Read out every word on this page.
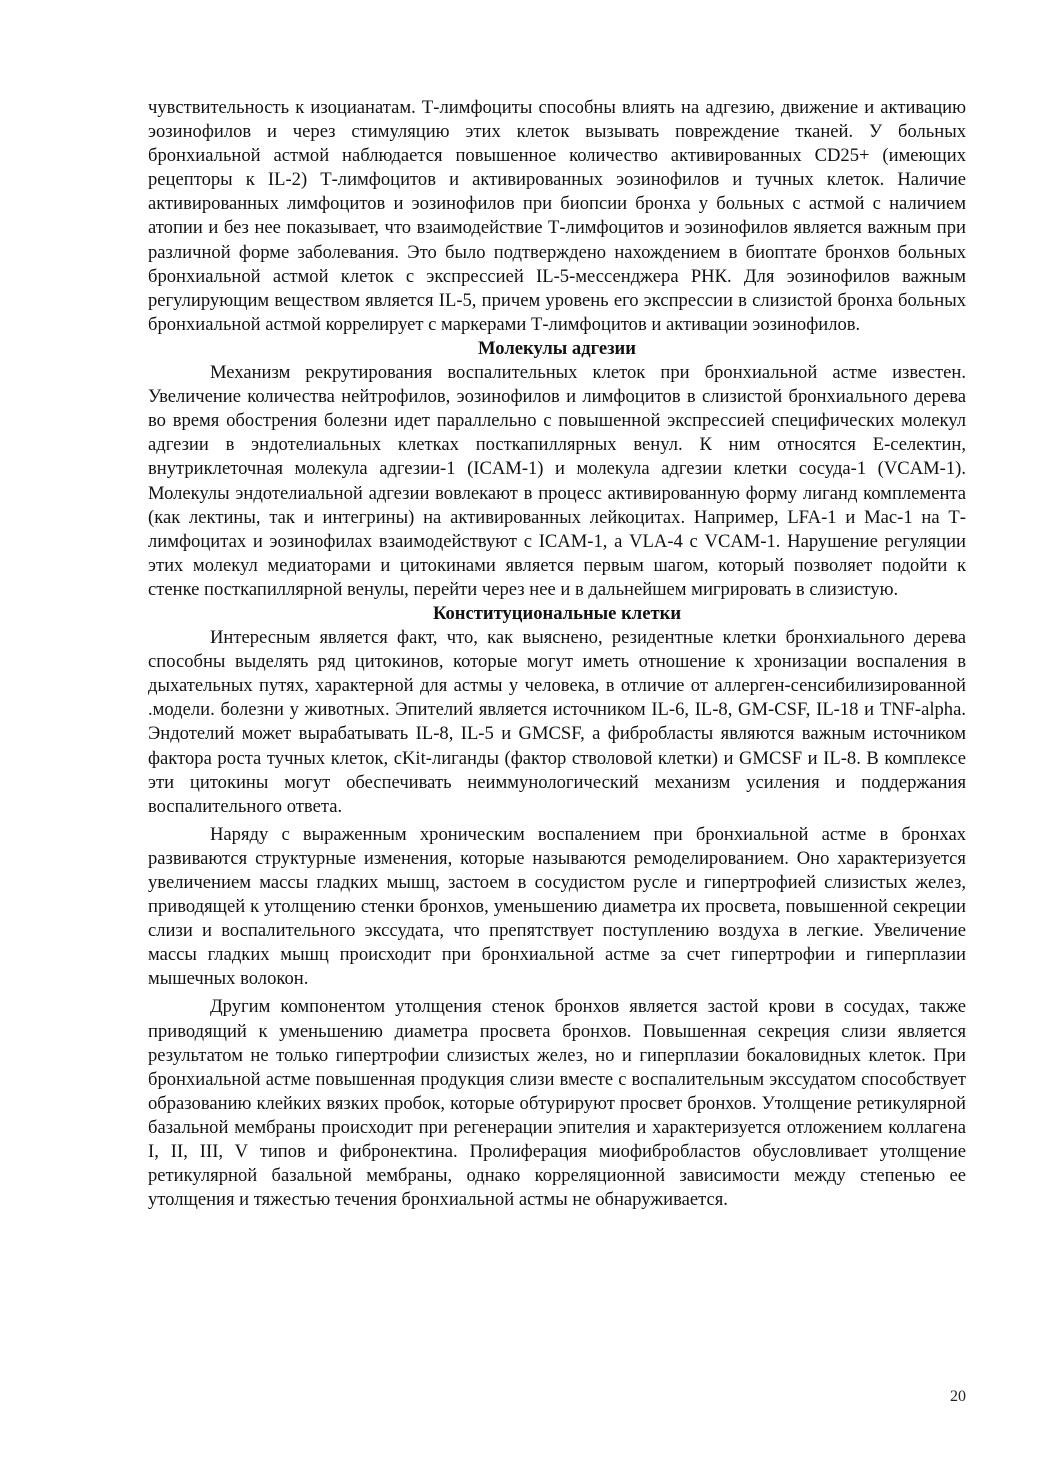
чувствительность к изоцианатам. Т-лимфоциты способны влиять на адгезию, движение и активацию эозинофилов и через стимуляцию этих клеток вызывать повреждение тканей. У больных бронхиальной астмой наблюдается повышенное количество активированных CD25+ (имеющих рецепторы к IL-2) Т-лимфоцитов и активированных эозинофилов и тучных клеток. Наличие активированных лимфоцитов и эозинофилов при биопсии бронха у больных с астмой с наличием атопии и без нее показывает, что взаимодействие Т-лимфоцитов и эозинофилов является важным при различной форме заболевания. Это было подтверждено нахождением в биоптате бронхов больных бронхиальной астмой клеток с экспрессией IL-5-мессенджера РНК. Для эозинофилов важным регулирующим веществом является IL-5, причем уровень его экспрессии в слизистой бронха больных бронхиальной астмой коррелирует с маркерами Т-лимфоцитов и активации эозинофилов.

Молекулы адгезии

Механизм рекрутирования воспалительных клеток при бронхиальной астме известен. Увеличение количества нейтрофилов, эозинофилов и лимфоцитов в слизистой бронхиального дерева во время обострения болезни идет параллельно с повышенной экспрессией специфических молекул адгезии в эндотелиальных клетках посткапиллярных венул. К ним относятся Е-селектин, внутриклеточная молекула адгезии-1 (ICAM-1) и молекула адгезии клетки сосуда-1 (VCAM-1). Молекулы эндотелиальной адгезии вовлекают в процесс активированную форму лиганд комплемента (как лектины, так и интегрины) на активированных лейкоцитах. Например, LFA-1 и Mac-1 на Т-лимфоцитах и эозинофилах взаимодействуют с ICAM-1, а VLA-4 с VCAM-1. Нарушение регуляции этих молекул медиаторами и цитокинами является первым шагом, который позволяет подойти к стенке посткапиллярной венулы, перейти через нее и в дальнейшем мигрировать в слизистую.

Конституциональные клетки

Интересным является факт, что, как выяснено, резидентные клетки бронхиального дерева способны выделять ряд цитокинов, которые могут иметь отношение к хронизации воспаления в дыхательных путях, характерной для астмы у человека, в отличие от аллерген-сенсибилизированной .модели. болезни у животных. Эпителий является источником IL-6, IL-8, GM-CSF, IL-18 и TNF-alpha. Эндотелий может вырабатывать IL-8, IL-5 и GMCSF, а фибробласты являются важным источником фактора роста тучных клеток, cKit-лиганды (фактор стволовой клетки) и GMCSF и IL-8. В комплексе эти цитокины могут обеспечивать неиммунологический механизм усиления и поддержания воспалительного ответа.

Наряду с выраженным хроническим воспалением при бронхиальной астме в бронхах развиваются структурные изменения, которые называются ремоделированием. Оно характеризуется увеличением массы гладких мышц, застоем в сосудистом русле и гипертрофией слизистых желез, приводящей к утолщению стенки бронхов, уменьшению диаметра их просвета, повышенной секреции слизи и воспалительного экссудата, что препятствует поступлению воздуха в легкие. Увеличение массы гладких мышц происходит при бронхиальной астме за счет гипертрофии и гиперплазии мышечных волокон.

Другим компонентом утолщения стенок бронхов является застой крови в сосудах, также приводящий к уменьшению диаметра просвета бронхов. Повышенная секреция слизи является результатом не только гипертрофии слизистых желез, но и гиперплазии бокаловидных клеток. При бронхиальной астме повышенная продукция слизи вместе с воспалительным экссудатом способствует образованию клейких вязких пробок, которые обтурируют просвет бронхов. Утолщение ретикулярной базальной мембраны происходит при регенерации эпителия и характеризуется отложением коллагена I, II, III, V типов и фибронектина. Пролиферация миофибробластов обусловливает утолщение ретикулярной базальной мембраны, однако корреляционной зависимости между степенью ее утолщения и тяжестью течения бронхиальной астмы не обнаруживается.

20
